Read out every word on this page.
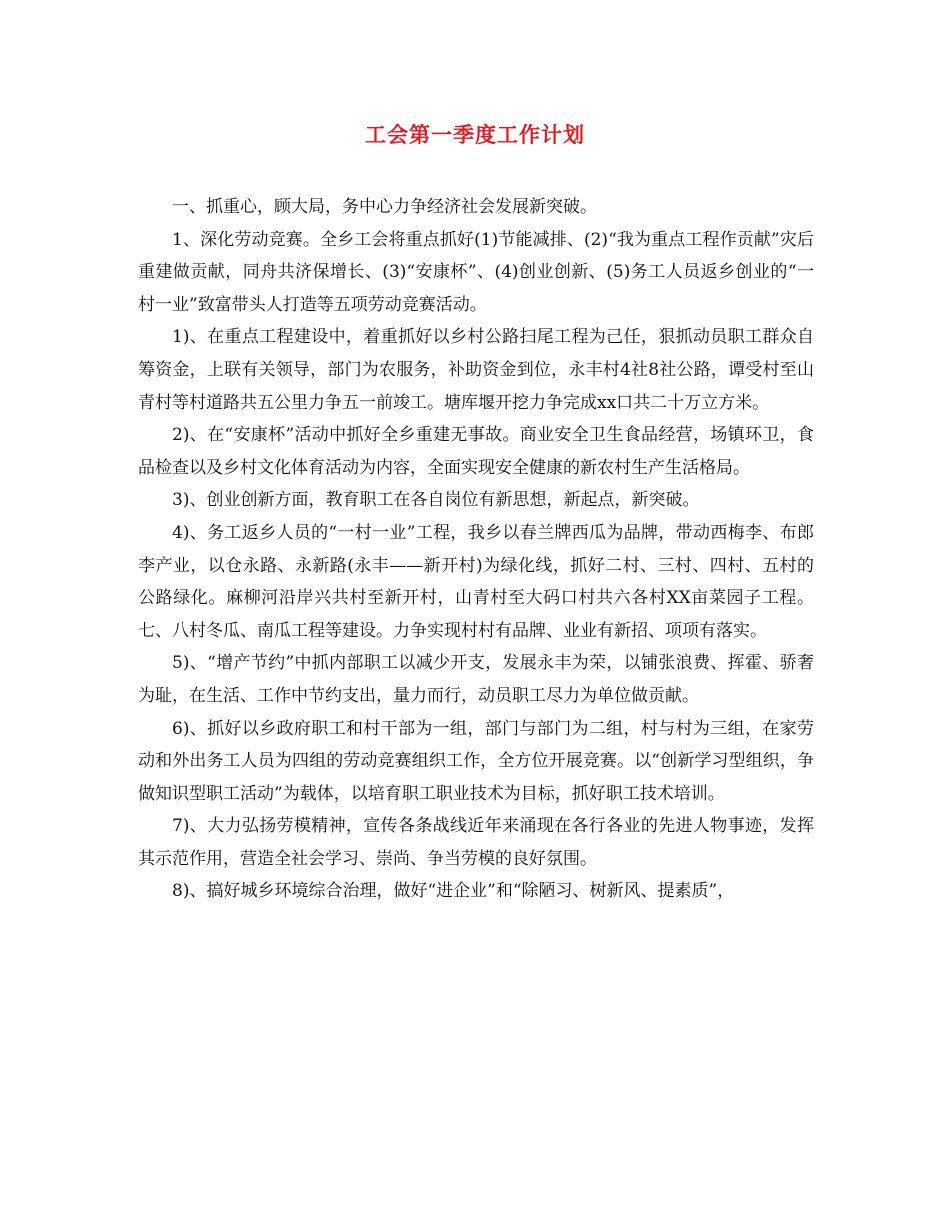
工会第一季度工作计划

一、抓重心，顾大局，务中心力争经济社会发展新突破。

1、深化劳动竞赛。全乡工会将重点抓好(1)节能减排、(2)“我为重点工程作贡献”灾后重建做贡献，同舟共济保增长、(3)“安康杯”、(4)创业创新、(5)务工人员返乡创业的“一村一业”致富带头人打造等五项劳动竞赛活动。

1)、在重点工程建设中，着重抓好以乡村公路扫尾工程为己任，狠抓动员职工群众自筹资金，上联有关领导，部门为农服务，补助资金到位，永丰村4社8社公路，谭受村至山青村等村道路共五公里力争五一前竣工。塘库堰开挖力争完成xx口共二十万立方米。

2)、在“安康杯”活动中抓好全乡重建无事故。商业安全卫生食品经营，场镇环卫，食品检查以及乡村文化体育活动为内容，全面实现安全健康的新农村生产生活格局。

3)、创业创新方面，教育职工在各自岗位有新思想，新起点，新突破。

4)、务工返乡人员的“一村一业”工程，我乡以春兰牌西瓜为品牌，带动西梅李、布郎李产业，以仓永路、永新路(永丰——新开村)为绿化线，抓好二村、三村、四村、五村的公路绿化。麻柳河沿岸兴共村至新开村，山青村至大码口村共六各村XX亩菜园子工程。七、八村冬瓜、南瓜工程等建设。力争实现村村有品牌、业业有新招、项项有落实。

5)、“增产节约”中抓内部职工以减少开支，发展永丰为荣，以铺张浪费、挥霍、骄奢为耻，在生活、工作中节约支出，量力而行，动员职工尽力为单位做贡献。

6)、抓好以乡政府职工和村干部为一组，部门与部门为二组，村与村为三组，在家劳动和外出务工人员为四组的劳动竞赛组织工作，全方位开展竞赛。以“创新学习型组织，争做知识型职工活动”为载体，以培育职工职业技术为目标，抓好职工技术培训。

7)、大力弘扬劳模精神，宣传各条战线近年来涌现在各行各业的先进人物事迹，发挥其示范作用，营造全社会学习、崇尚、争当劳模的良好氛围。

8)、搞好城乡环境综合治理，做好“进企业”和“除陋习、树新风、提素质”，
